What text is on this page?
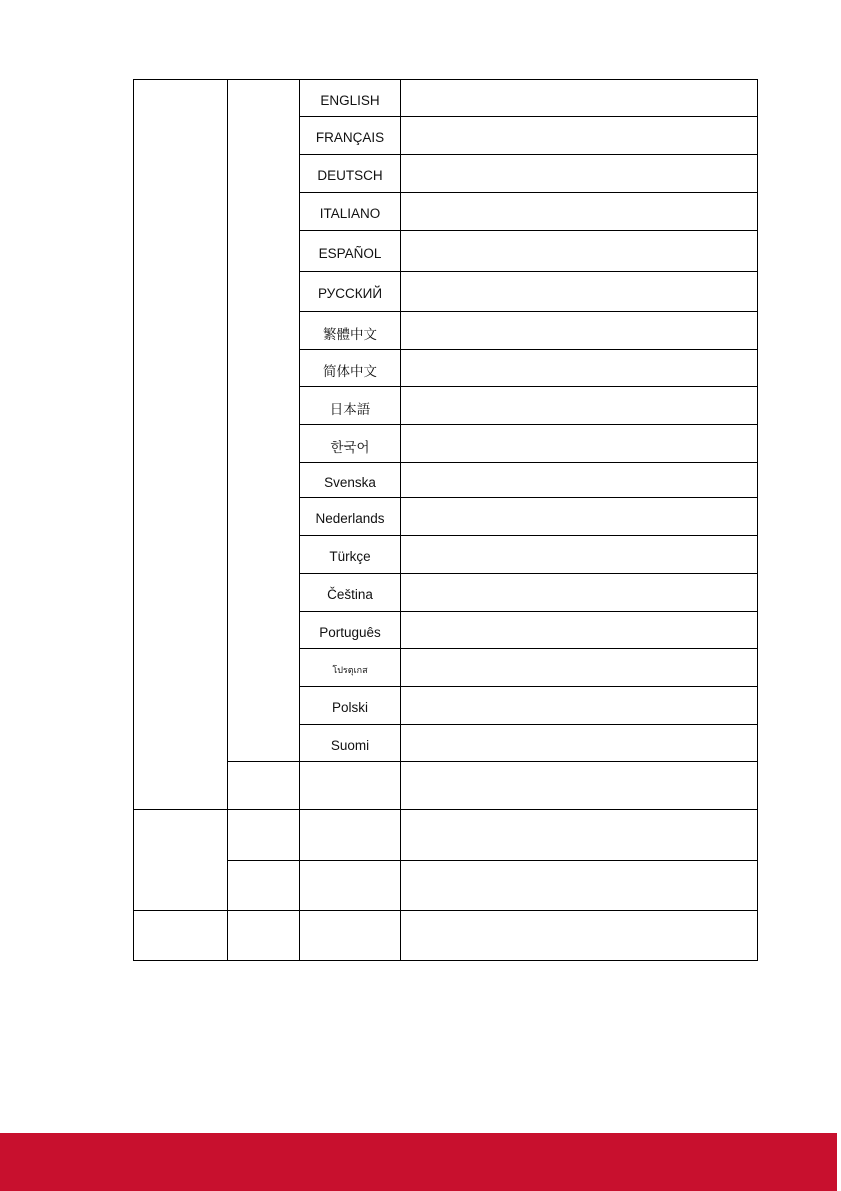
		ENGLISH	
		FRANÇAIS	
		DEUTSCH	
		ITALIANO	
		ESPAÑOL	
		РУССКИЙ	
		繁體中文	
		简体中文	
		日本語	
		한국어	
		Svenska	
		Nederlands	
		Türkçe	
		Čeština	
		Português	
		โปรตุเกส	
		Polski	
		Suomi	
